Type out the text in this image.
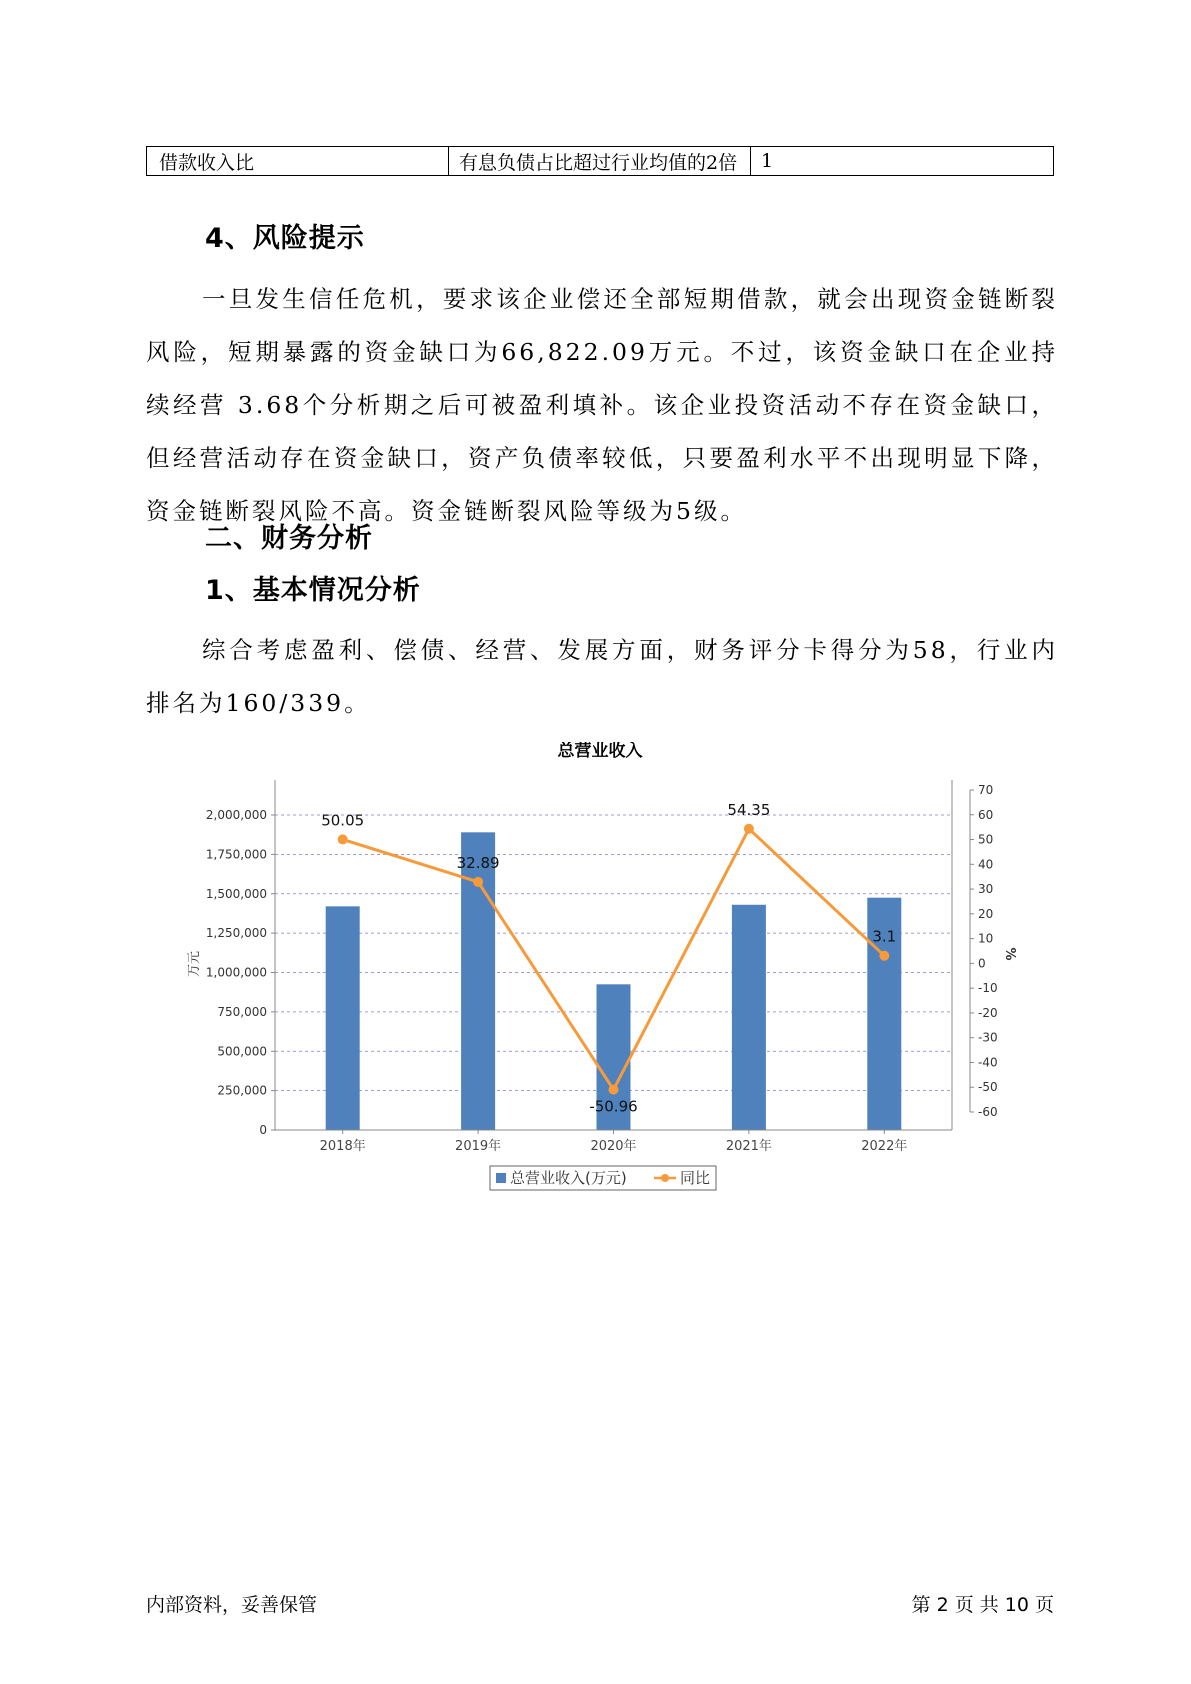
借款收入比	有息负债占比超过行业均值的2倍	1
4、风险提示

一旦发生信任危机，要求该企业偿还全部短期借款，就会出现资金链断裂风险，短期暴露的资金缺口为66,822.09万元。不过，该资金缺口在企业持续经营 3.68个分析期之后可被盈利填补。该企业投资活动不存在资金缺口，但经营活动存在资金缺口，资产负债率较低，只要盈利水平不出现明显下降，资金链断裂风险不高。资金链断裂风险等级为5级。

二、财务分析
1、基本情况分析

综合考虑盈利、偿债、经营、发展方面，财务评分卡得分为58，行业内排名为160/339。

总营业收入
0
250,000
500,000
750,000
1,000,000
1,250,000
1,500,000
1,750,000
2,000,000
-60
-50
-40
-30
-20
-10
0
10
20
30
40
50
60
70
50.05
32.89
-50.96
54.35
3.1
2018年	2019年	2020年	2021年	2022年
万元	%
总营业收入(万元)	同比
内部资料，妥善保管	第 2 页 共 10 页
